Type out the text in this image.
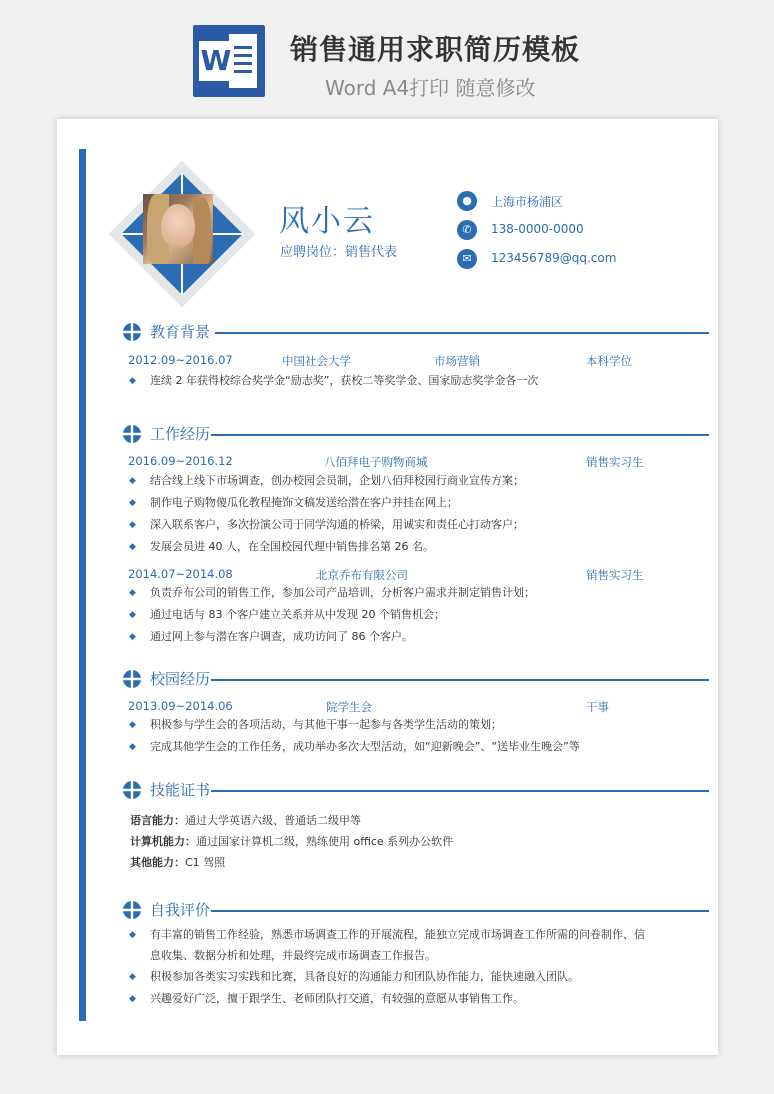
W 销售通用求职简历模板
Word A4打印 随意修改
风小云
应聘岗位：销售代表
●	上海市杨浦区
✆	138-0000-0000
✉	123456789@qq.com
教育背景
2012.09~2016.07	中国社会大学	市场营销	本科学位
◆ 连续 2 年获得校综合奖学金“励志奖”，获校二等奖学金、国家励志奖学金各一次
工作经历
2016.09~2016.12	八佰拜电子购物商城	销售实习生
◆ 结合线上线下市场调查，创办校园会员制，企划八佰拜校园行商业宣传方案；
◆ 制作电子购物傻瓜化教程掩饰文稿发送给潜在客户并挂在网上；
◆ 深入联系客户，多次扮演公司于同学沟通的桥梁，用诚实和责任心打动客户；
◆ 发展会员进 40 人，在全国校园代理中销售排名第 26 名。
2014.07~2014.08	北京乔布有限公司	销售实习生
◆ 负责乔布公司的销售工作，参加公司产品培训，分析客户需求并制定销售计划；
◆ 通过电话与 83 个客户建立关系并从中发现 20 个销售机会；
◆ 通过网上参与潜在客户调查，成功访问了 86 个客户。
校园经历
2013.09~2014.06	院学生会	干事
◆ 积极参与学生会的各项活动，与其他干事一起参与各类学生活动的策划；
◆ 完成其他学生会的工作任务，成功举办多次大型活动，如“迎新晚会”、“送毕业生晚会”等
技能证书
语言能力：通过大学英语六级、普通话二级甲等
计算机能力：通过国家计算机二级，熟练使用 office 系列办公软件
其他能力：C1 驾照
自我评价
◆ 有丰富的销售工作经验，熟悉市场调查工作的开展流程，能独立完成市场调查工作所需的问卷制作、信
息收集、数据分析和处理，并最终完成市场调查工作报告。
◆ 积极参加各类实习实践和比赛，具备良好的沟通能力和团队协作能力，能快速融入团队。
◆ 兴趣爱好广泛，擅于跟学生、老师团队打交道，有较强的意愿从事销售工作。
